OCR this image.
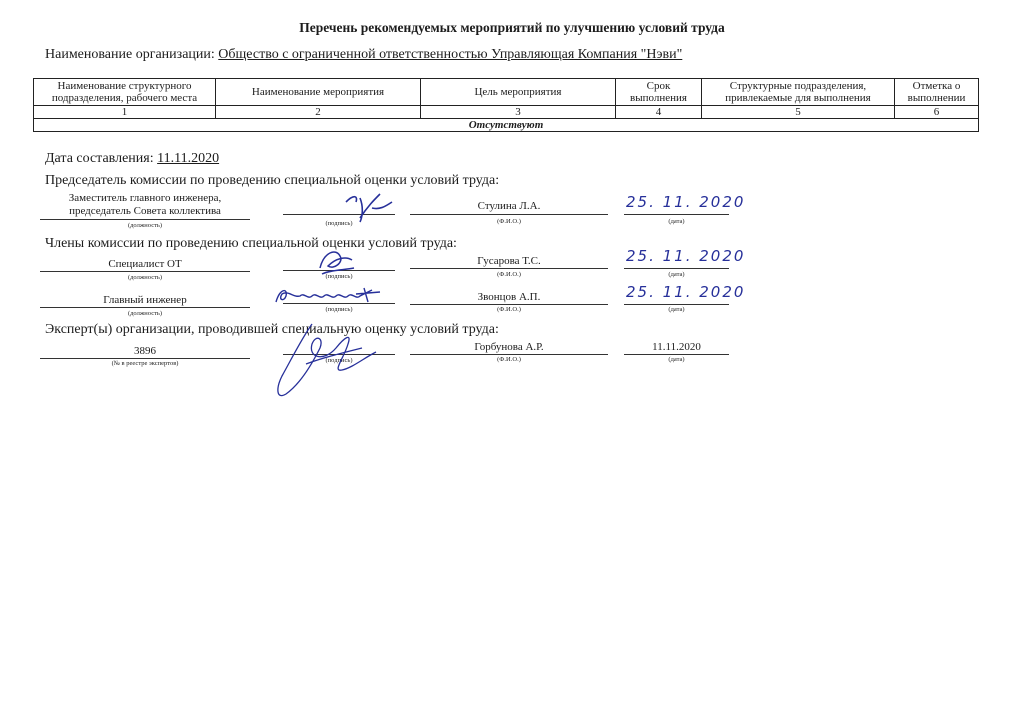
Перечень рекомендуемых мероприятий по улучшению условий труда
Наименование организации: Общество с ограниченной ответственностью Управляющая Компания "Нэви"
Наименование структурного подразделения, рабочего места	Наименование мероприятия	Цель мероприятия	Срок выполнения	Структурные подразделения, привлекаемые для выполнения	Отметка о выполнении
1	2	3	4	5	6
Отсутствуют					
Дата составления: 11.11.2020
Председатель комиссии по проведению специальной оценки условий труда:
Заместитель главного инженера, председатель Совета коллектива
(должность)	(подпись)
Стулина Л.А.
(Ф.И.О.)
25. 11. 2020
(дата)
Члены комиссии по проведению специальной оценки условий труда:
Специалист ОТ
(должность)	(подпись)
Гусарова Т.С.
(Ф.И.О.)
25. 11. 2020
(дата)
Главный инженер
(должность)
(подпись)
Звонцов А.П.
(Ф.И.О.)
25. 11. 2020
(дата)
Эксперт(ы) организации, проводившей специальную оценку условий труда:
3896
(№ в реестре экспертов)	(подпись)
Горбунова А.Р.
(Ф.И.О.)
11.11.2020
(дата)
